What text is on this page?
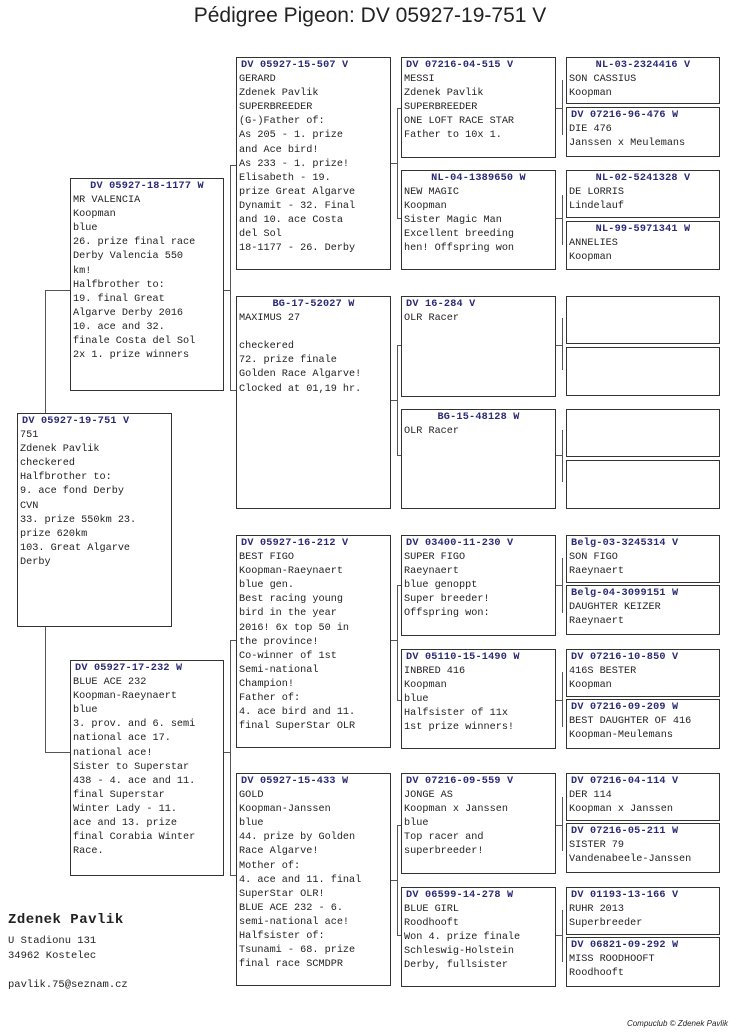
Pédigree Pigeon: DV 05927-19-751 V
DV 05927-19-751 V
751
Zdenek Pavlik
checkered
Halfbrother to:
9. ace fond Derby
CVN
33. prize 550km 23.
prize 620km
103. Great Algarve
Derby
DV 05927-18-1177 W
MR VALENCIA
Koopman
blue
26. prize final race
Derby Valencia 550
km!
Halfbrother to:
19. final Great
Algarve Derby 2016
10. ace and 32.
finale Costa del Sol
2x 1. prize winners
DV 05927-17-232 W
BLUE ACE 232
Koopman-Raeynaert
blue
3. prov. and 6. semi
national ace 17.
national ace!
Sister to Superstar
438 - 4. ace and 11.
final Superstar
Winter Lady - 11.
ace and 13. prize
final Corabia Winter
Race.
DV 05927-15-507 V
GERARD
Zdenek Pavlik
SUPERBREEDER
(G-)Father of:
As 205 - 1. prize
and Ace bird!
As 233 - 1. prize!
Elisabeth - 19.
prize Great Algarve
Dynamit - 32. Final
and 10. ace Costa
del Sol
18-1177 - 26. Derby
BG-17-52027 W
MAXIMUS 27

checkered
72. prize finale
Golden Race Algarve!
Clocked at 01,19 hr.
DV 05927-16-212 V
BEST FIGO
Koopman-Raeynaert
blue gen.
Best racing young
bird in the year
2016! 6x top 50 in
the province!
Co-winner of 1st
Semi-national
Champion!
Father of:
4. ace bird and 11.
final SuperStar OLR
DV 05927-15-433 W
GOLD
Koopman-Janssen
blue
44. prize by Golden
Race Algarve!
Mother of:
4. ace and 11. final
SuperStar OLR!
BLUE ACE 232 - 6.
semi-national ace!
Halfsister of:
Tsunami - 68. prize
final race SCMDPR
DV 07216-04-515 V
MESSI
Zdenek Pavlik
SUPERBREEDER
ONE LOFT RACE STAR
Father to 10x 1.
NL-04-1389650 W
NEW MAGIC
Koopman
Sister Magic Man
Excellent breeding
hen! Offspring won
DV 16-284 V
OLR Racer
BG-15-48128 W
OLR Racer
DV 03400-11-230 V
SUPER FIGO
Raeynaert
blue genoppt
Super breeder!
Offspring won:
DV 05110-15-1490 W
INBRED 416
Koopman
blue
Halfsister of 11x
1st prize winners!
DV 07216-09-559 V
JONGE AS
Koopman x Janssen
blue
Top racer and
superbreeder!
DV 06599-14-278 W
BLUE GIRL
Roodhooft
Won 4. prize finale
Schleswig-Holstein
Derby, fullsister
NL-03-2324416 V
SON CASSIUS
Koopman
DV 07216-96-476 W
DIE 476
Janssen x Meulemans
NL-02-5241328 V
DE LORRIS
Lindelauf
NL-99-5971341 W
ANNELIES
Koopman
Belg-03-3245314 V
SON FIGO
Raeynaert
Belg-04-3099151 W
DAUGHTER KEIZER
Raeynaert
DV 07216-10-850 V
416S BESTER
Koopman
DV 07216-09-209 W
BEST DAUGHTER OF 416
Koopman-Meulemans
DV 07216-04-114 V
DER 114
Koopman x Janssen
DV 07216-05-211 W
SISTER 79
Vandenabeele-Janssen
DV 01193-13-166 V
RUHR 2013
Superbreeder
DV 06821-09-292 W
MISS ROODHOOFT
Roodhooft
Zdenek Pavlik
U Stadionu 131
34962 Kostelec
pavlik.75@seznam.cz
Compuclub © Zdenek Pavlik
